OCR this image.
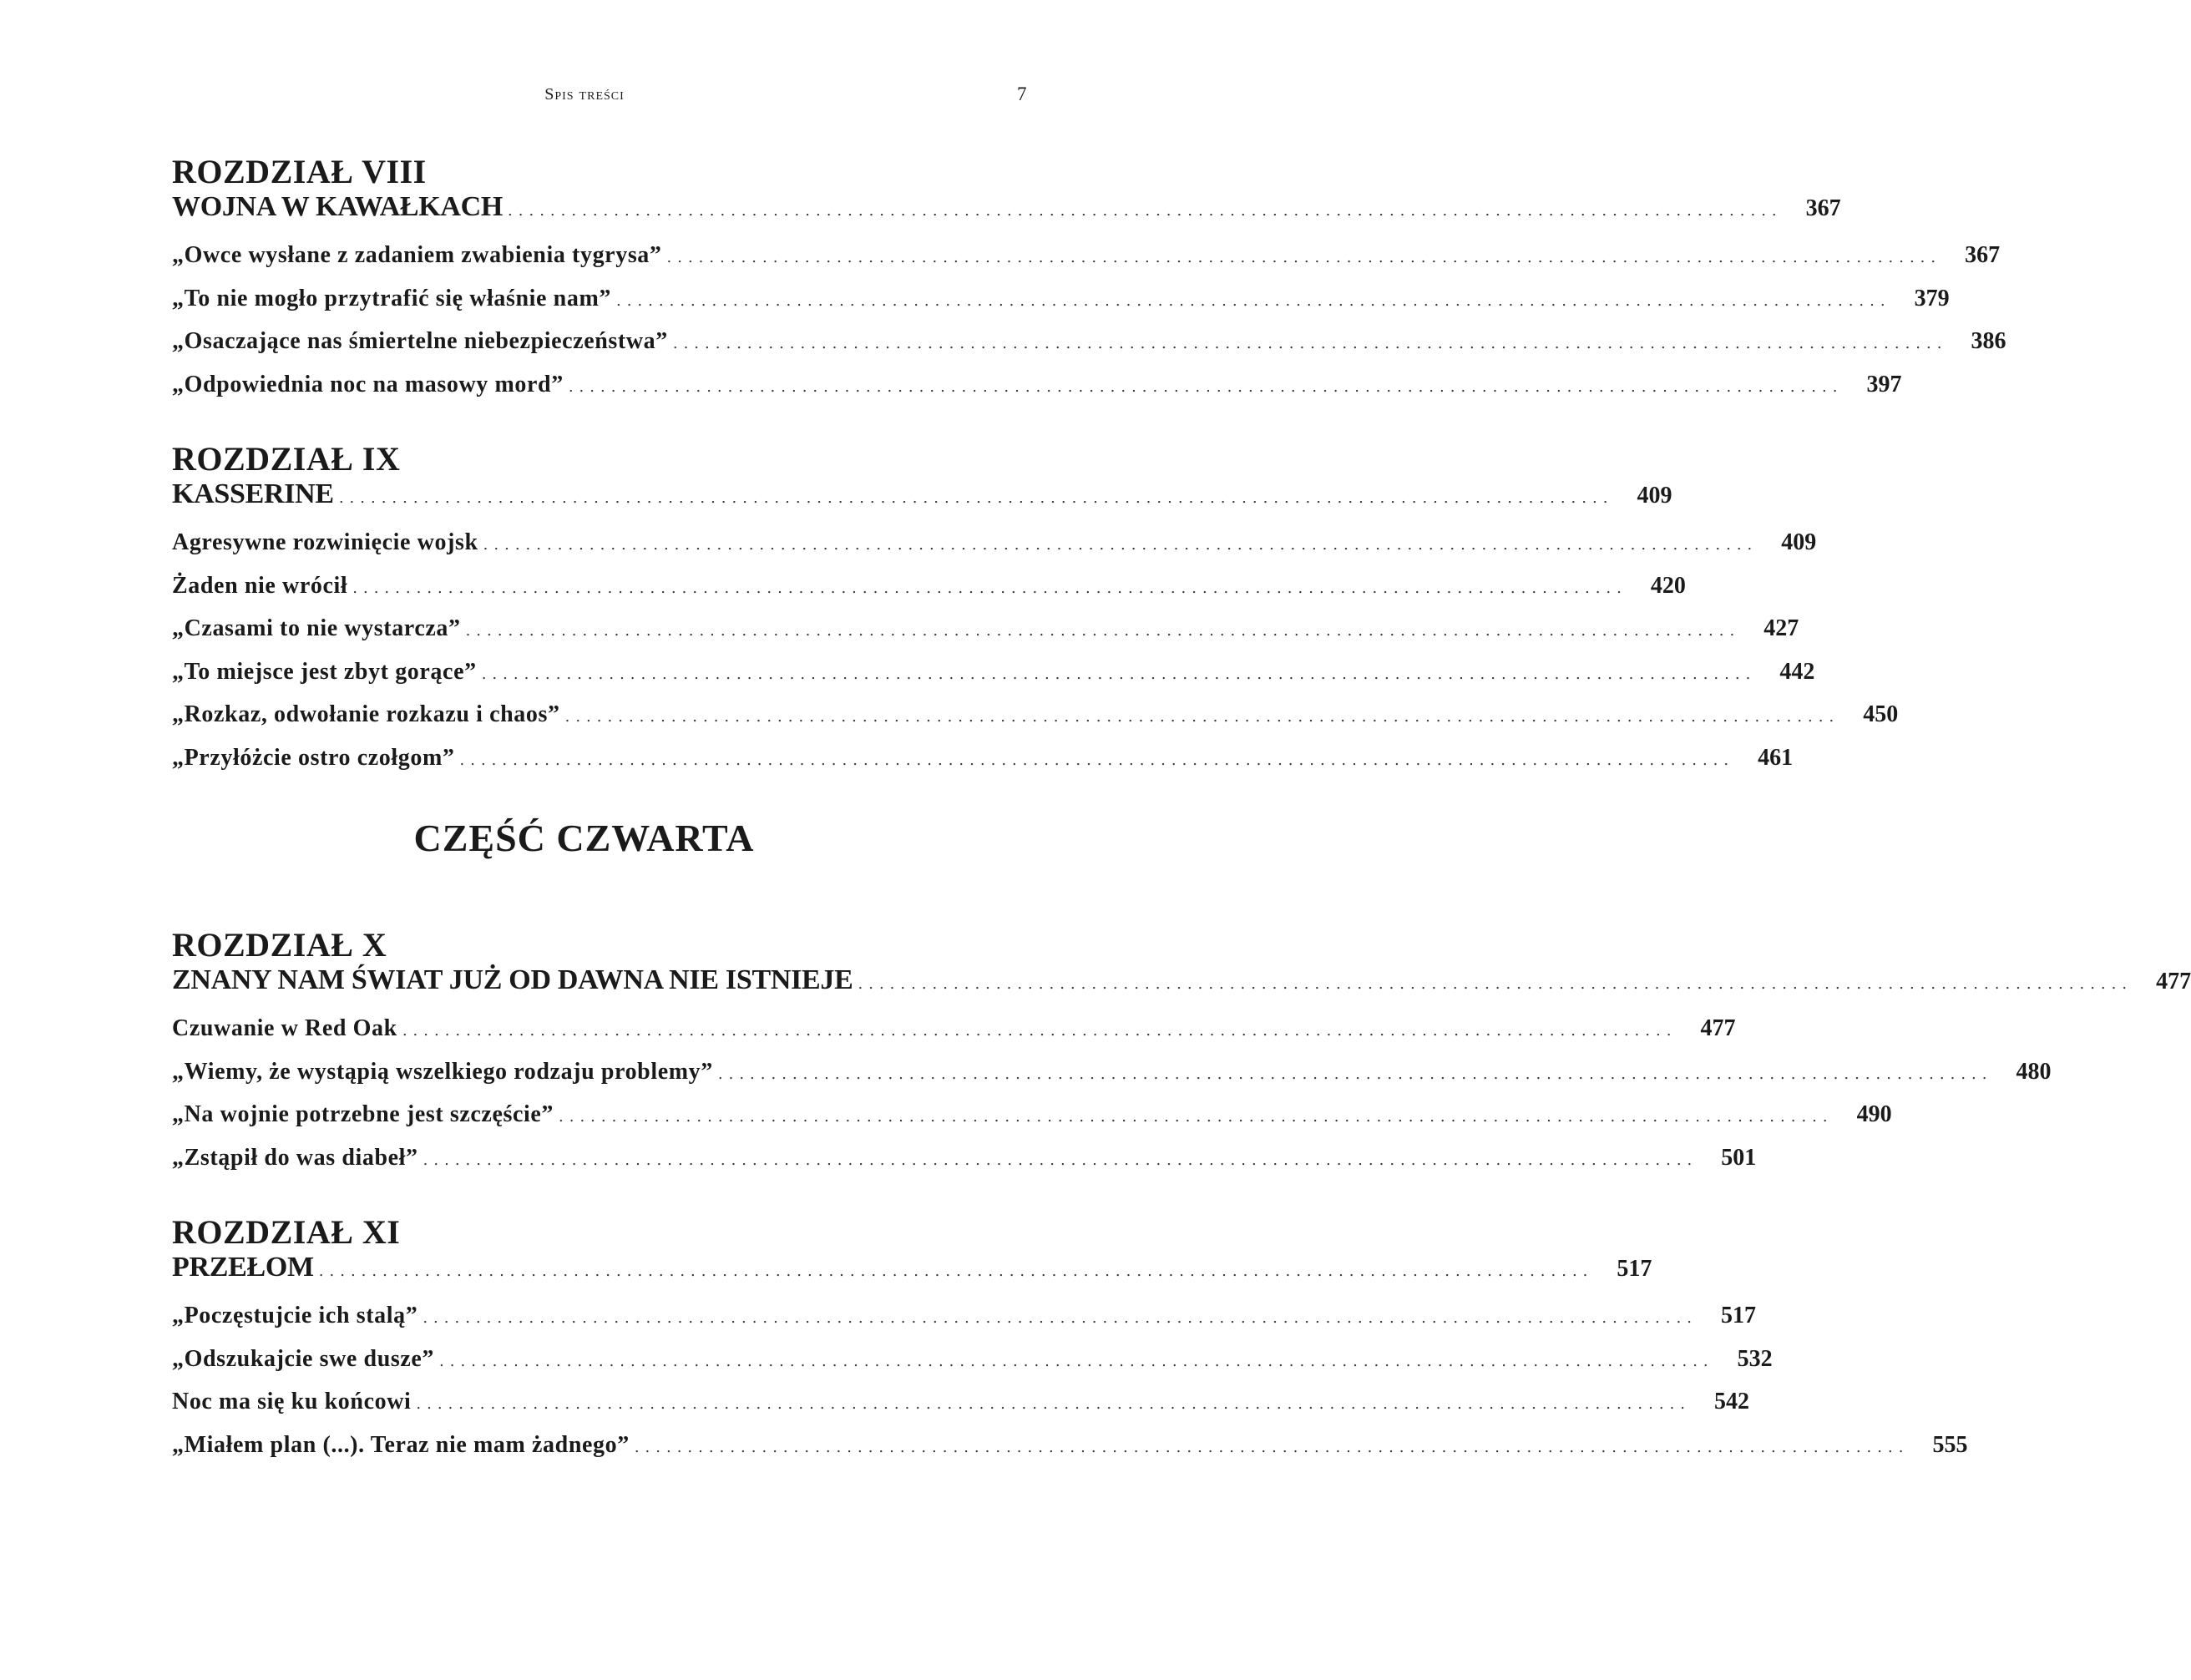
Spis treści	7
ROZDZIAŁ VIII
WOJNA W KAWAŁKACH ........................................................................................................................	367
„Owce wysłane z zadaniem zwabienia tygrysa” ........................................................................................................................	367
„To nie mogło przytrafić się właśnie nam” ........................................................................................................................	379
„Osaczające nas śmiertelne niebezpieczeństwa” ........................................................................................................................	386
„Odpowiednia noc na masowy mord” ........................................................................................................................	397
ROZDZIAŁ IX
KASSERINE ........................................................................................................................	409
Agresywne rozwinięcie wojsk ........................................................................................................................	409
Żaden nie wrócił ........................................................................................................................	420
„Czasami to nie wystarcza” ........................................................................................................................	427
„To miejsce jest zbyt gorące” ........................................................................................................................	442
„Rozkaz, odwołanie rozkazu i chaos” ........................................................................................................................	450
„Przyłóżcie ostro czołgom” ........................................................................................................................	461
CZĘŚĆ CZWARTA
ROZDZIAŁ X
ZNANY NAM ŚWIAT JUŻ OD DAWNA NIE ISTNIEJE ........................................................................................................................	477
Czuwanie w Red Oak ........................................................................................................................	477
„Wiemy, że wystąpią wszelkiego rodzaju problemy” ........................................................................................................................	480
„Na wojnie potrzebne jest szczęście” ........................................................................................................................	490
„Zstąpił do was diabeł” ........................................................................................................................	501
ROZDZIAŁ XI
PRZEŁOM ........................................................................................................................	517
„Poczęstujcie ich stalą” ........................................................................................................................	517
„Odszukajcie swe dusze” ........................................................................................................................	532
Noc ma się ku końcowi ........................................................................................................................	542
„Miałem plan (...). Teraz nie mam żadnego” ........................................................................................................................	555
